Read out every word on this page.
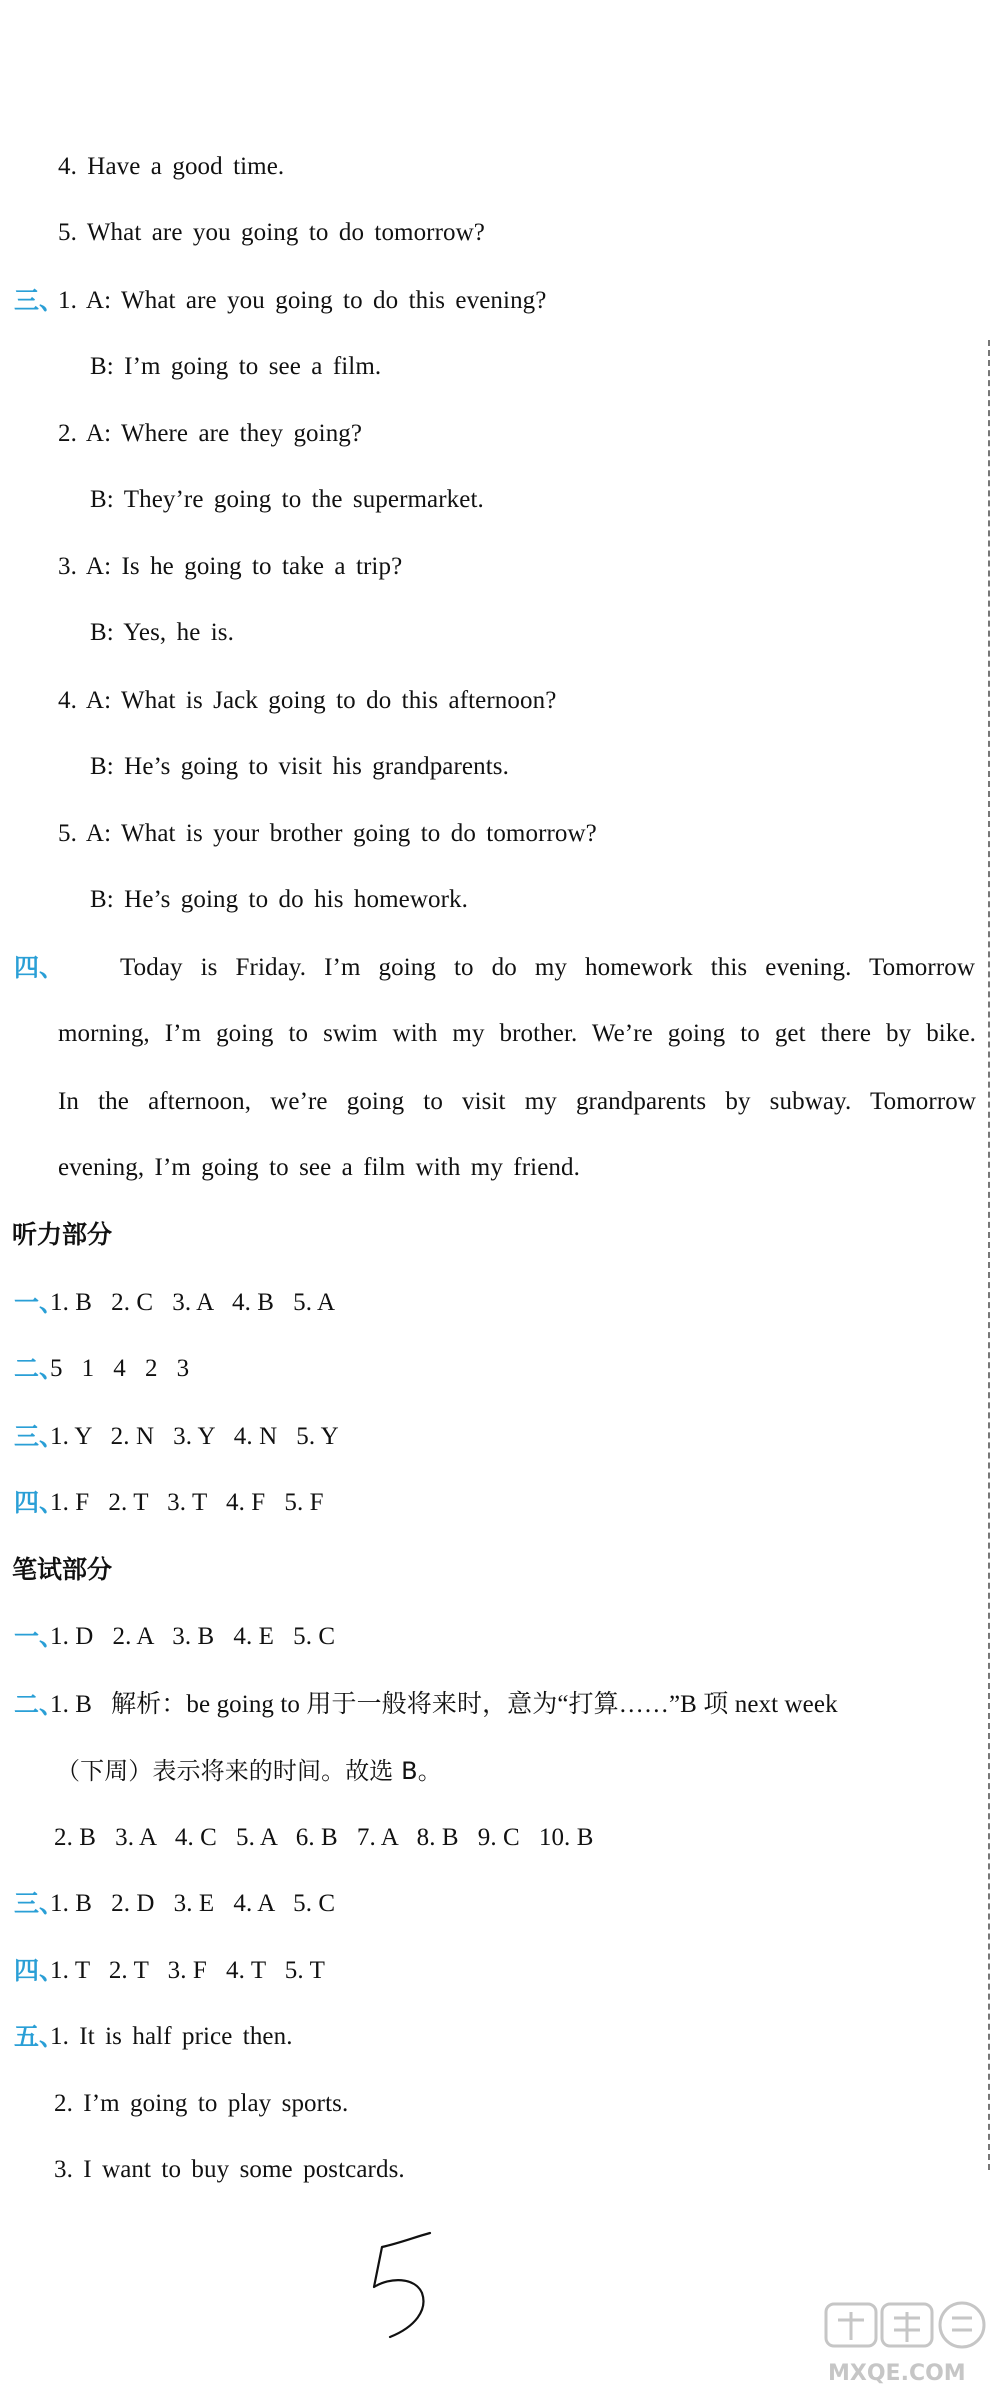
4. Have a good time.
5. What are you going to do tomorrow?
三、
1. A: What are you going to do this evening?
B: I’m going to see a film.
2. A: Where are they going?
B: They’re going to the supermarket.
3. A: Is he going to take a trip?
B: Yes, he is.
4. A: What is Jack going to do this afternoon?
B: He’s going to visit his grandparents.
5. A: What is your brother going to do tomorrow?
B: He’s going to do his homework.
四、 Today is Friday. I’m going to do my homework this evening. Tomorrow
morning, I’m going to swim with my brother. We’re going to get there by bike.
In the afternoon, we’re going to visit my grandparents by subway. Tomorrow
evening, I’m going to see a film with my friend.
听力部分
一、
1. B   2. C   3. A   4. B   5. A
二、
5   1   4   2   3
三、
1. Y   2. N   3. Y   4. N   5. Y
四、
1. F   2. T   3. T   4. F   5. F
笔试部分
一、
1. D   2. A   3. B   4. E   5. C
二、
1. B   解析：be going to 用于一般将来时，意为“打算……”B 项 next week
（下周）表示将来的时间。故选 B。
2. B   3. A   4. C   5. A   6. B   7. A   8. B   9. C   10. B
三、
1. B   2. D   3. E   4. A   5. C
四、
1. T   2. T   3. F   4. T   5. T
五、
1. It is half price then.
2. I’m going to play sports.
3. I want to buy some postcards.
MXQE.COM
